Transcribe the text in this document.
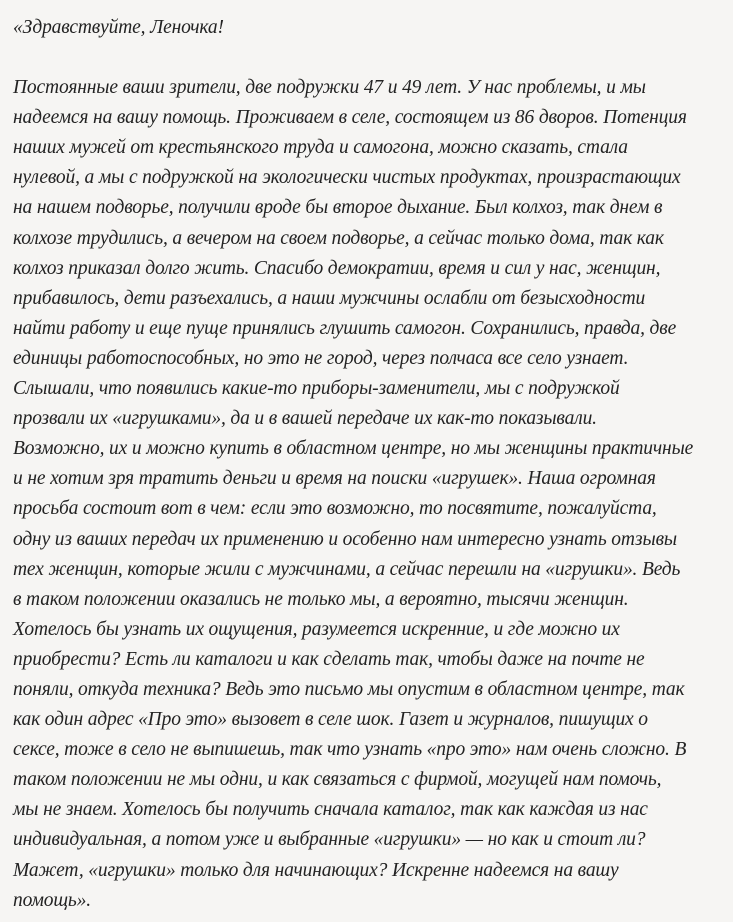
«Здравствуйте, Леночка!
Постоянные ваши зрители, две подружки 47 и 49 лет. У нас проблемы, и мы
надеемся на вашу помощь. Проживаем в селе, состоящем из 86 дворов. Потенция
наших мужей от крестьянского труда и самогона, можно сказать, стала
нулевой, а мы с подружкой на экологически чистых продуктах, произрастающих
на нашем подворье, получили вроде бы второе дыхание. Был колхоз, так днем в
колхозе трудились, а вечером на своем подворье, а сейчас только дома, так как
колхоз приказал долго жить. Спасибо демократии, время и сил у нас, женщин,
прибавилось, дети разъехались, а наши мужчины ослабли от безысходности
найти работу и еще пуще принялись глушить самогон. Сохранились, правда, две
единицы работоспособных, но это не город, через полчаса все село узнает.
Слышали, что появились какие-то приборы-заменители, мы с подружкой
прозвали их «игрушками», да и в вашей передаче их как-то показывали.
Возможно, их и можно купить в областном центре, но мы женщины практичные
и не хотим зря тратить деньги и время на поиски «игрушек». Наша огромная
просьба состоит вот в чем: если это возможно, то посвятите, пожалуйста,
одну из ваших передач их применению и особенно нам интересно узнать отзывы
тех женщин, которые жили с мужчинами, а сейчас перешли на «игрушки». Ведь
в таком положении оказались не только мы, а вероятно, тысячи женщин.
Хотелось бы узнать их ощущения, разумеется искренние, и где можно их
приобрести? Есть ли каталоги и как сделать так, чтобы даже на почте не
поняли, откуда техника? Ведь это письмо мы опустим в областном центре, так
как один адрес «Про это» вызовет в селе шок. Газет и журналов, пишущих о
сексе, тоже в село не выпишешь, так что узнать «про это» нам очень сложно. В
таком положении не мы одни, и как связаться с фирмой, могущей нам помочь,
мы не знаем. Хотелось бы получить сначала каталог, так как каждая из нас
индивидуальная, а потом уже и выбранные «игрушки» — но как и стоит ли?
Мажет, «игрушки» только для начинающих? Искренне надеемся на вашу
помощь».
